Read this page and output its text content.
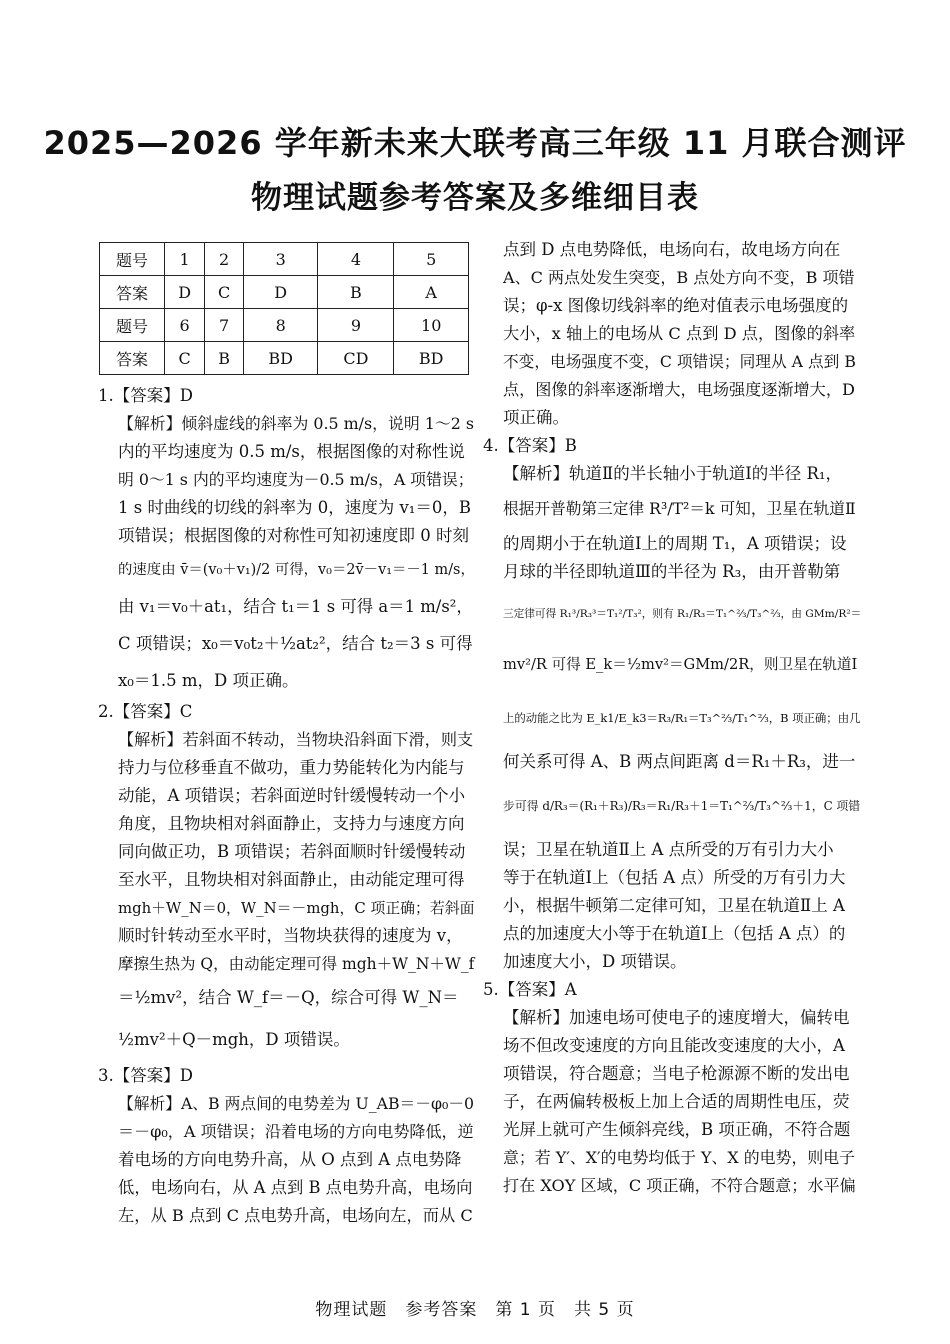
2025—2026 学年新未来大联考高三年级 11 月联合测评
物理试题参考答案及多维细目表
题号	1	2	3	4	5
答案	D	C	D	B	A
题号	6	7	8	9	10
答案	C	B	BD	CD	BD

1.【答案】D

【解析】倾斜虚线的斜率为 0.5 m/s，说明 1～2 s

内的平均速度为 0.5 m/s，根据图像的对称性说

明 0～1 s 内的平均速度为－0.5 m/s，A 项错误；

1 s 时曲线的切线的斜率为 0，速度为 v₁＝0，B

项错误；根据图像的对称性可知初速度即 0 时刻

的速度由 v̄＝(v₀＋v₁)/2 可得，v₀＝2v̄－v₁＝－1 m/s，

由 v₁＝v₀＋at₁，结合 t₁＝1 s 可得 a＝1 m/s²，

C 项错误；x₀＝v₀t₂＋½at₂²，结合 t₂＝3 s 可得

x₀＝1.5 m，D 项正确。

2.【答案】C

【解析】若斜面不转动，当物块沿斜面下滑，则支

持力与位移垂直不做功，重力势能转化为内能与

动能，A 项错误；若斜面逆时针缓慢转动一个小

角度，且物块相对斜面静止，支持力与速度方向

同向做正功，B 项错误；若斜面顺时针缓慢转动

至水平，且物块相对斜面静止，由动能定理可得

mgh＋W_N＝0，W_N＝－mgh，C 项正确；若斜面

顺时针转动至水平时，当物块获得的速度为 v，

摩擦生热为 Q，由动能定理可得 mgh＋W_N＋W_f

＝½mv²，结合 W_f＝－Q，综合可得 W_N＝

½mv²＋Q－mgh，D 项错误。

3.【答案】D

【解析】A、B 两点间的电势差为 U_AB＝－φ₀－0

＝－φ₀，A 项错误；沿着电场的方向电势降低，逆

着电场的方向电势升高，从 O 点到 A 点电势降

低，电场向右，从 A 点到 B 点电势升高，电场向

左，从 B 点到 C 点电势升高，电场向左，而从 C

点到 D 点电势降低，电场向右，故电场方向在

A、C 两点处发生突变，B 点处方向不变，B 项错

误；φ-x 图像切线斜率的绝对值表示电场强度的

大小，x 轴上的电场从 C 点到 D 点，图像的斜率

不变，电场强度不变，C 项错误；同理从 A 点到 B

点，图像的斜率逐渐增大，电场强度逐渐增大，D

项正确。

4.【答案】B

【解析】轨道Ⅱ的半长轴小于轨道Ⅰ的半径 R₁，

根据开普勒第三定律 R³/T²＝k 可知，卫星在轨道Ⅱ

的周期小于在轨道Ⅰ上的周期 T₁，A 项错误；设

月球的半径即轨道Ⅲ的半径为 R₃，由开普勒第

三定律可得 R₁³/R₃³＝T₁²/T₃²，则有 R₁/R₃＝T₁^⅔/T₃^⅔，由 GMm/R²＝

mv²/R 可得 E_k＝½mv²＝GMm/2R，则卫星在轨道Ⅰ

上的动能之比为 E_k1/E_k3＝R₃/R₁＝T₃^⅔/T₁^⅔，B 项正确；由几

何关系可得 A、B 两点间距离 d＝R₁＋R₃，进一

步可得 d/R₃＝(R₁＋R₃)/R₃＝R₁/R₃＋1＝T₁^⅔/T₃^⅔＋1，C 项错

误；卫星在轨道Ⅱ上 A 点所受的万有引力大小

等于在轨道Ⅰ上（包括 A 点）所受的万有引力大

小，根据牛顿第二定律可知，卫星在轨道Ⅱ上 A

点的加速度大小等于在轨道Ⅰ上（包括 A 点）的

加速度大小，D 项错误。

5.【答案】A

【解析】加速电场可使电子的速度增大，偏转电

场不但改变速度的方向且能改变速度的大小，A

项错误，符合题意；当电子枪源源不断的发出电

子，在两偏转极板上加上合适的周期性电压，荧

光屏上就可产生倾斜亮线，B 项正确，不符合题

意；若 Y′、X′的电势均低于 Y、X 的电势，则电子

打在 XOY 区域，C 项正确，不符合题意；水平偏

物理试题　参考答案　第 1 页　共 5 页
